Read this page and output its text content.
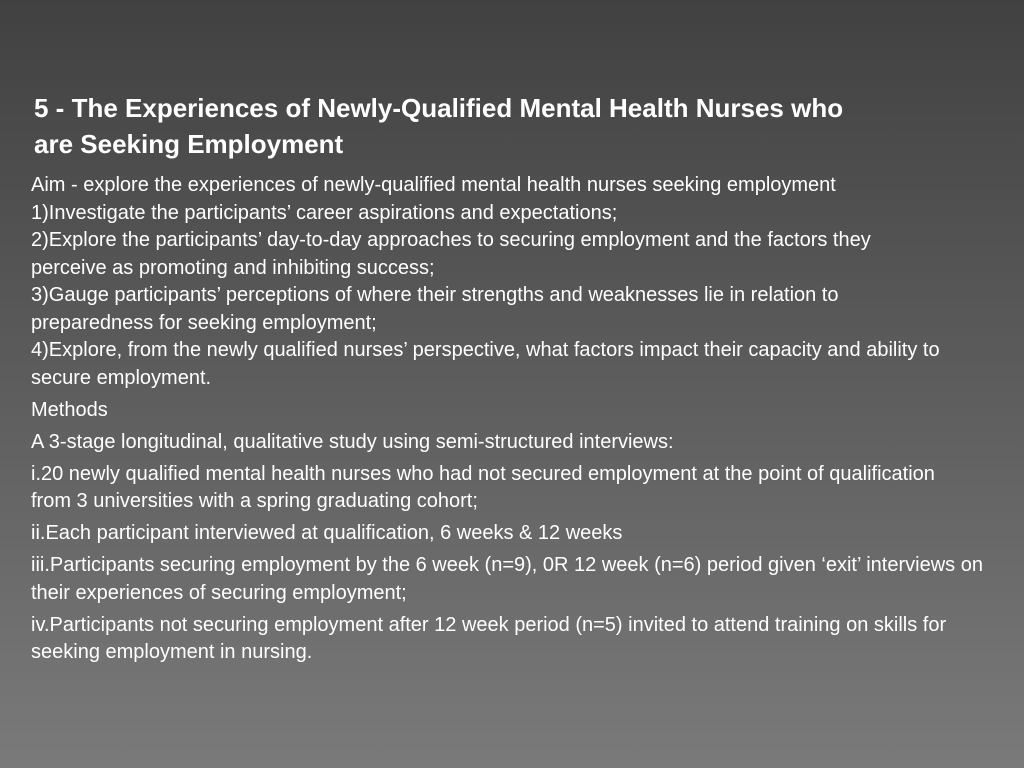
5 - The Experiences of Newly-Qualified Mental Health Nurses who
are Seeking Employment

Aim - explore the experiences of newly-qualified mental health nurses seeking employment

1)Investigate the participants’ career aspirations and expectations;

2)Explore the participants’ day-to-day approaches to securing employment and the factors they perceive as promoting and inhibiting success;

3)Gauge participants’ perceptions of where their strengths and weaknesses lie in relation to preparedness for seeking employment;

4)Explore, from the newly qualified nurses’ perspective, what factors impact their capacity and ability to secure employment.

Methods

A 3-stage longitudinal, qualitative study using semi-structured interviews:

i.20 newly qualified mental health nurses who had not secured employment at the point of qualification from 3 universities with a spring graduating cohort;

ii.Each participant interviewed at qualification, 6 weeks & 12 weeks

iii.Participants securing employment by the 6 week (n=9), 0R 12 week (n=6) period given ‘exit’ interviews on their experiences of securing employment;

iv.Participants not securing employment after 12 week period (n=5) invited to attend training on skills for seeking employment in nursing.
